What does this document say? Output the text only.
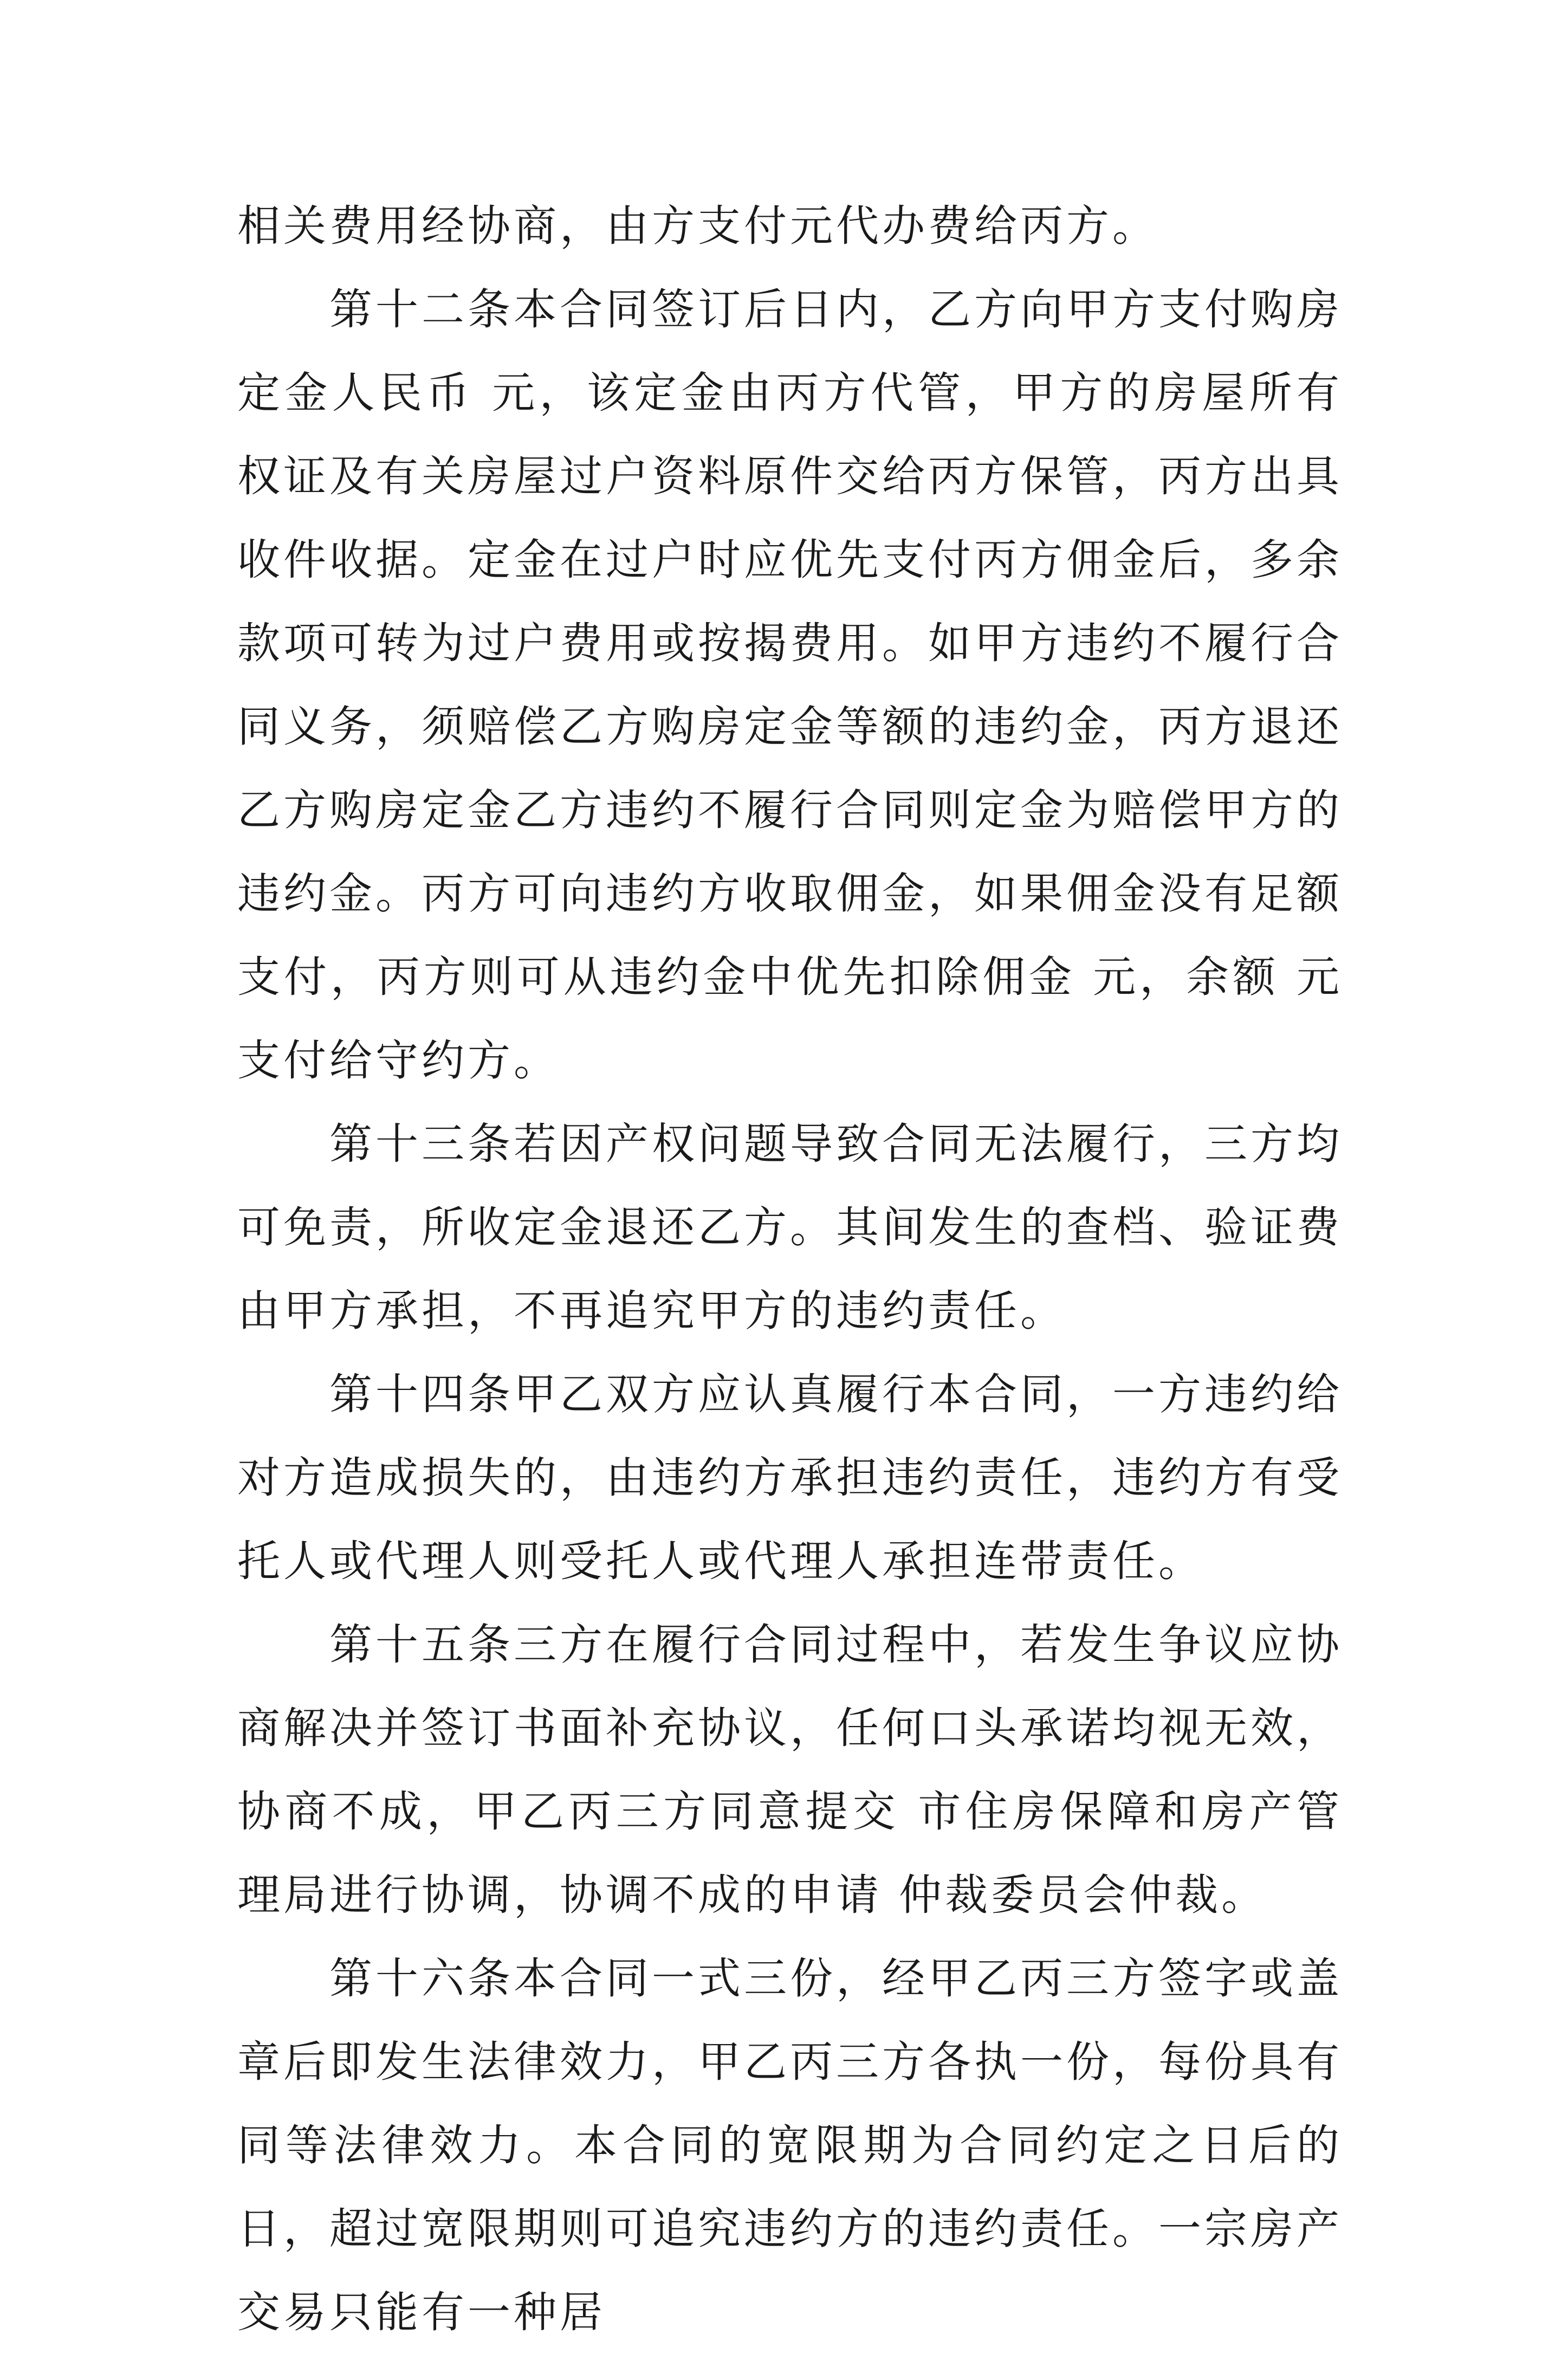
相关费用经协商，由方支付元代办费给丙方。

第十二条本合同签订后日内，乙方向甲方支付购房定金人民币 元，该定金由丙方代管，甲方的房屋所有权证及有关房屋过户资料原件交给丙方保管，丙方出具收件收据。定金在过户时应优先支付丙方佣金后，多余款项可转为过户费用或按揭费用。如甲方违约不履行合同义务，须赔偿乙方购房定金等额的违约金，丙方退还乙方购房定金乙方违约不履行合同则定金为赔偿甲方的违约金。丙方可向违约方收取佣金，如果佣金没有足额支付，丙方则可从违约金中优先扣除佣金 元，余额 元支付给守约方。

第十三条若因产权问题导致合同无法履行，三方均可免责，所收定金退还乙方。其间发生的查档、验证费由甲方承担，不再追究甲方的违约责任。

第十四条甲乙双方应认真履行本合同，一方违约给对方造成损失的，由违约方承担违约责任，违约方有受托人或代理人则受托人或代理人承担连带责任。

第十五条三方在履行合同过程中，若发生争议应协商解决并签订书面补充协议，任何口头承诺均视无效，协商不成，甲乙丙三方同意提交 市住房保障和房产管理局进行协调，协调不成的申请 仲裁委员会仲裁。

第十六条本合同一式三份，经甲乙丙三方签字或盖章后即发生法律效力，甲乙丙三方各执一份，每份具有同等法律效力。本合同的宽限期为合同约定之日后的 日，超过宽限期则可追究违约方的违约责任。一宗房产交易只能有一种居
